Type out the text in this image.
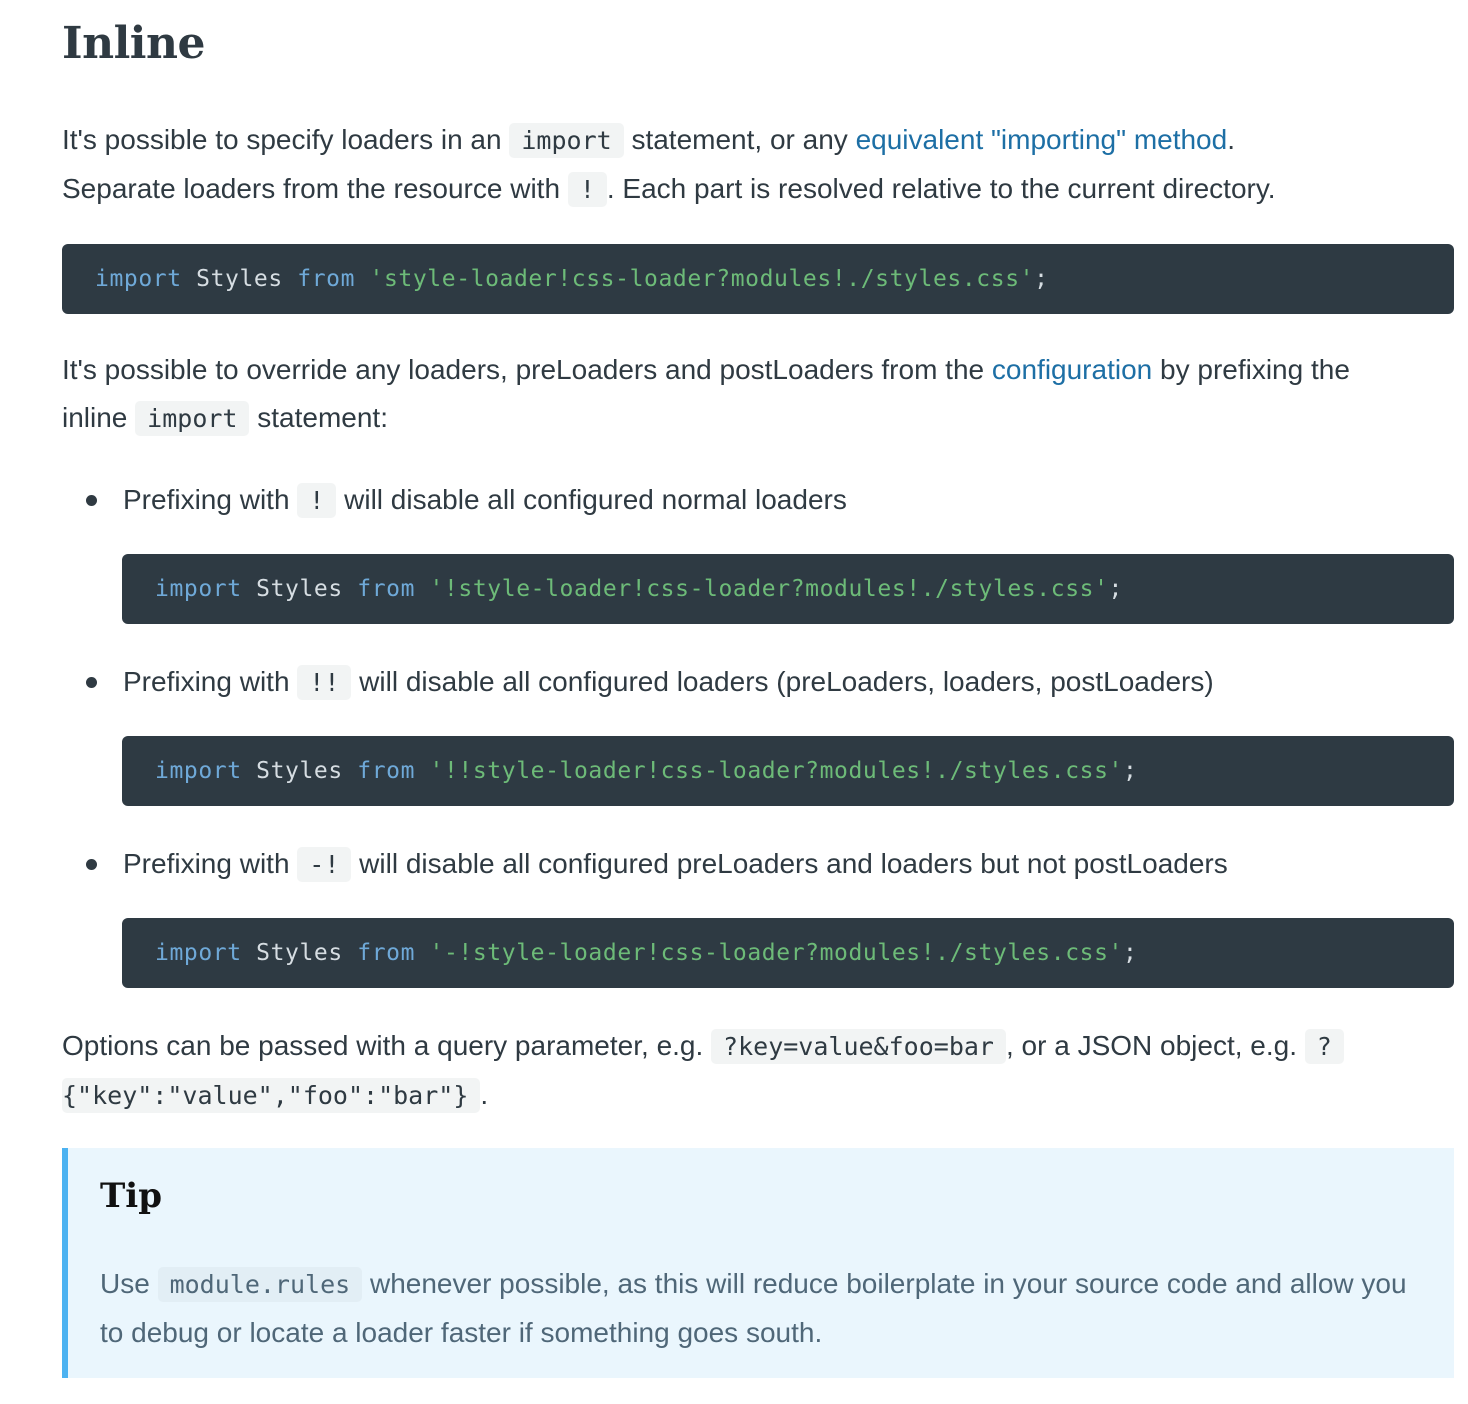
Inline

It's possible to specify loaders in an import statement, or any equivalent "importing" method.
Separate loaders from the resource with ! . Each part is resolved relative to the current directory.

import Styles from
'style-loader!css-loader?modules!./styles.css' ;

It's possible to override any loaders, preLoaders and postLoaders from the configuration by prefixing the
inline import statement:

Prefixing with ! will disable all configured normal loaders
import Styles from
'!style-loader!css-loader?modules!./styles.css' ;
Prefixing with !! will disable all configured loaders (preLoaders, loaders, postLoaders)
import Styles from
'!!style-loader!css-loader?modules!./styles.css' ;
Prefixing with -! will disable all configured preLoaders and loaders but not postLoaders
import Styles from
'-!style-loader!css-loader?modules!./styles.css' ;

Options can be passed with a query parameter, e.g. ?key=value&foo=bar , or a JSON object, e.g. ?
{"key":"value","foo":"bar"} .

Tip

Use module.rules whenever possible, as this will reduce boilerplate in your source code and allow you to debug or locate a loader faster if something goes south.
